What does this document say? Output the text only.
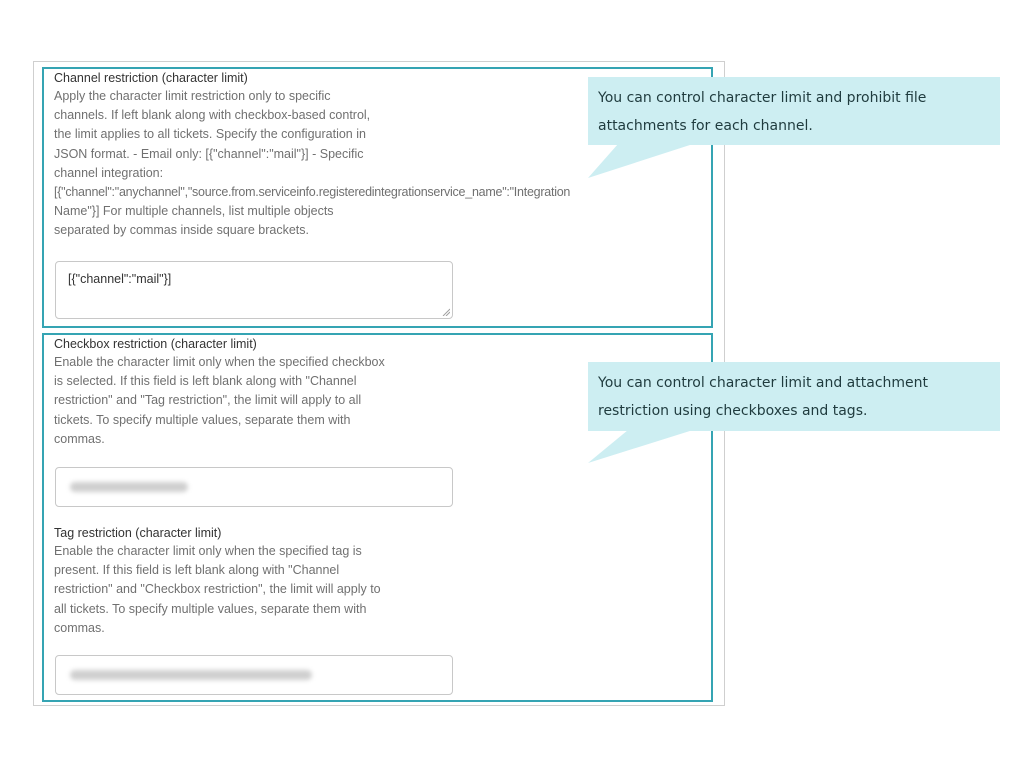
Channel restriction (character limit)
Apply the character limit restriction only to specific
channels. If left blank along with checkbox-based control,
the limit applies to all tickets. Specify the configuration in
JSON format. - Email only: [{"channel":"mail"}] - Specific
channel integration:
[{"channel":"anychannel","source.from.serviceinfo.registeredintegrationservice_name":"Integration
Name"}] For multiple channels, list multiple objects
separated by commas inside square brackets.
[{"channel":"mail"}]
Checkbox restriction (character limit)
Enable the character limit only when the specified checkbox
is selected. If this field is left blank along with "Channel
restriction" and "Tag restriction", the limit will apply to all
tickets. To specify multiple values, separate them with
commas.
Tag restriction (character limit)
Enable the character limit only when the specified tag is
present. If this field is left blank along with "Channel
restriction" and "Checkbox restriction", the limit will apply to
all tickets. To specify multiple values, separate them with
commas.
You can control character limit and prohibit file
attachments for each channel.
You can control character limit and attachment
restriction using checkboxes and tags.
